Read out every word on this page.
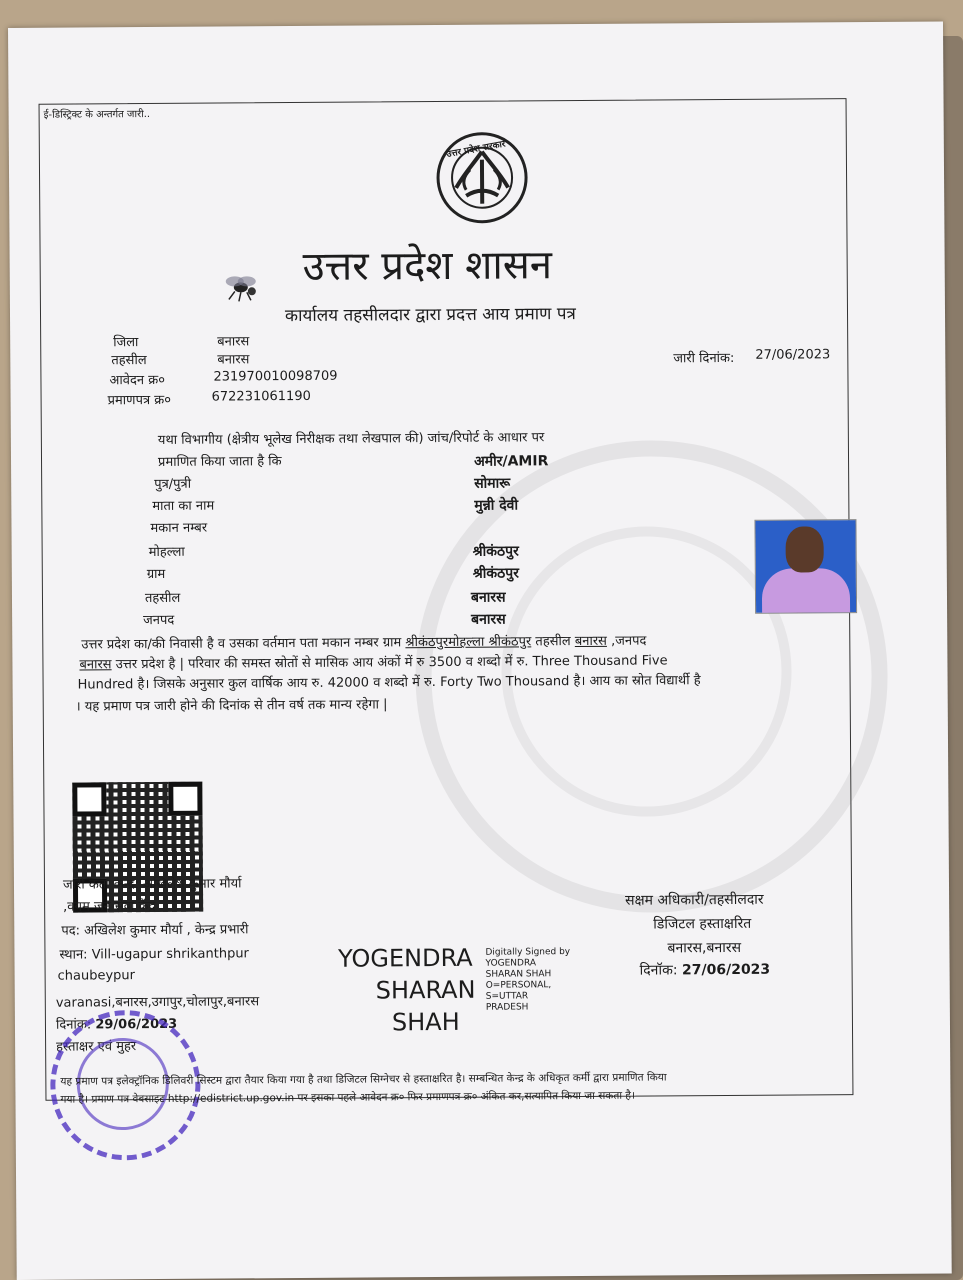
ई-डिस्ट्रिक्ट के अन्तर्गत जारी..
उत्तर प्रदेश सरकार
उत्तर प्रदेश शासन
कार्यालय तहसीलदार द्वारा प्रदत्त आय प्रमाण पत्र
जिला	बनारस
तहसील	बनारस
आवेदन क्र०	231970010098709
प्रमाणपत्र क्र०	672231061190
जारी दिनांक: 27/06/2023
यथा विभागीय (क्षेत्रीय भूलेख निरीक्षक तथा लेखपाल की) जांच/रिपोर्ट के आधार पर
प्रमाणित किया जाता है कि	अमीर/AMIR
पुत्र/पुत्री	सोमारू
माता का नाम	मुन्नी देवी
मकान नम्बर
मोहल्ला	श्रीकंठपुर
ग्राम	श्रीकंठपुर
तहसील	बनारस
जनपद	बनारस
उत्तर प्रदेश का/की निवासी है व उसका वर्तमान पता मकान नम्बर ग्राम श्रीकंठपुरमोहल्ला श्रीकंठपुर तहसील बनारस ,जनपद
बनारस उत्तर प्रदेश है | परिवार की समस्त स्रोतों से मासिक आय अंकों में रु 3500 व शब्दो में रु. Three Thousand Five
Hundred है। जिसके अनुसार कुल वार्षिक आय रु. 42000 व शब्दो में रु. Forty Two Thousand है। आय का स्रोत विद्यार्थी है
। यह प्रमाण पत्र जारी होने की दिनांक से तीन वर्ष तक मान्य रहेगा |
जारी कर्ता केन्द्र: अखिलेश कुमार मौर्या
,वयम जन सेवा केंद्र
पद: अखिलेश कुमार मौर्या , केन्द्र प्रभारी
स्थान: Vill-ugapur shrikanthpur
chaubeypur
varanasi,बनारस,उगापुर,चोलापुर,बनारस
दिनांक: 29/06/2023
हस्ताक्षर एवं मुहर
YOGENDRA
SHARAN
SHAH
Digitally Signed by
YOGENDRA
SHARAN SHAH
O=PERSONAL,
S=UTTAR
PRADESH
सक्षम अधिकारी/तहसीलदार
डिजिटल हस्ताक्षरित
बनारस,बनारस
दिनॉक: 27/06/2023
यह प्रमाण पत्र इलेक्ट्रॉनिक डिलिवरी सिस्टम द्वारा तैयार किया गया है तथा डिजिटल सिग्नेचर से हस्ताक्षरित है। सम्बन्धित केन्द्र के अधिकृत कर्मी द्वारा प्रमाणित किया
गया है। प्रमाण पत्र वेबसाइट http://edistrict.up.gov.in पर इसका पहले आवेदन क्र० फिर प्रमाणपत्र क्र० अंकित कर,सत्यापित किया जा सकता है।
